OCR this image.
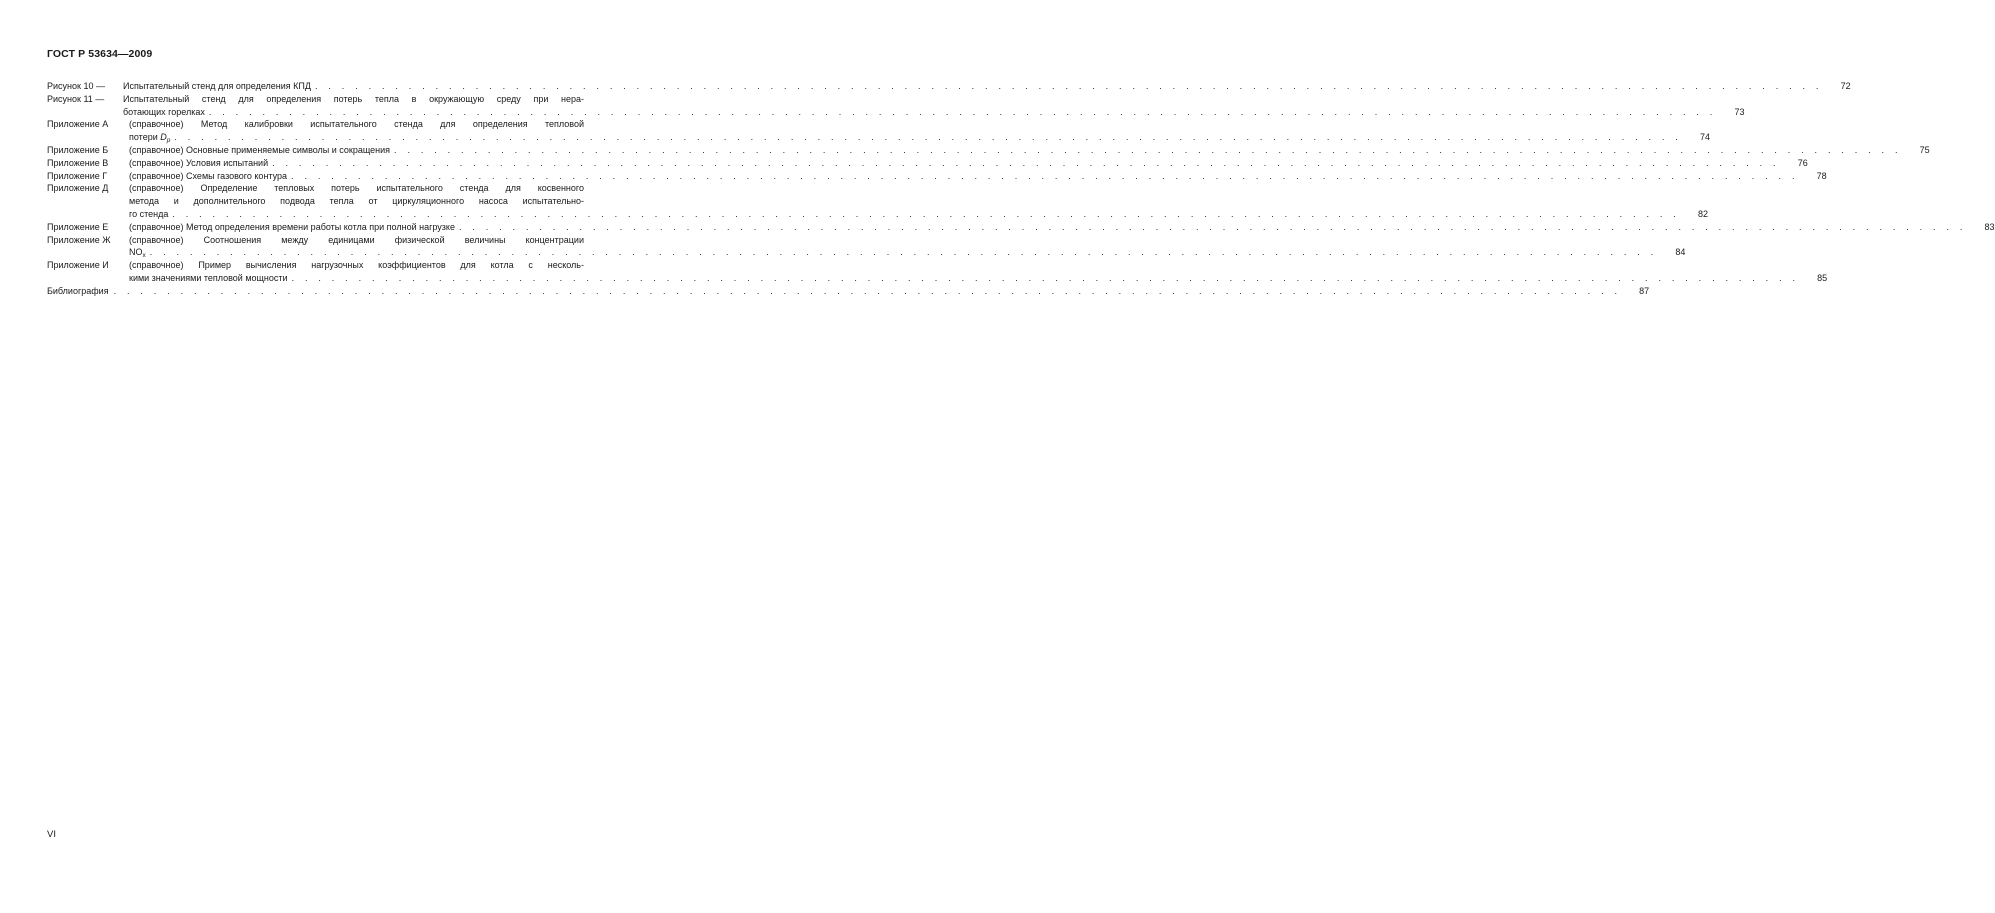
ГОСТ Р 53634—2009
Рисунок 10 —	Испытательный стенд для определения КПД . . .	72
Рисунок 11 —	Испытательный стенд для определения потерь тепла в окружающую среду при нера-
ботающих горелках . . .	73
Приложение А	(справочное) Метод калибровки испытательного стенда для определения тепловой
потери $D_p$ . . .	74
Приложение Б	(справочное) Основные применяемые символы и сокращения . . .	75
Приложение В	(справочное) Условия испытаний . . .	76
Приложение Г	(справочное) Схемы газового контура . . .	78
Приложение Д	(справочное) Определение тепловых потерь испытательного стенда для косвенного
метода и дополнительного подвода тепла от циркуляционного насоса испытательно-
го стенда . . .	82
Приложение Е	(справочное) Метод определения времени работы котла при полной нагрузке . . .	83
Приложение Ж	(справочное) Соотношения между единицами физической величины концентрации
$NO_x$ . . .	84
Приложение И	(справочное) Пример вычисления нагрузочных коэффициентов для котла с несколь-
кими значениями тепловой мощности . . .	85
Библиография . . .	87
VI
